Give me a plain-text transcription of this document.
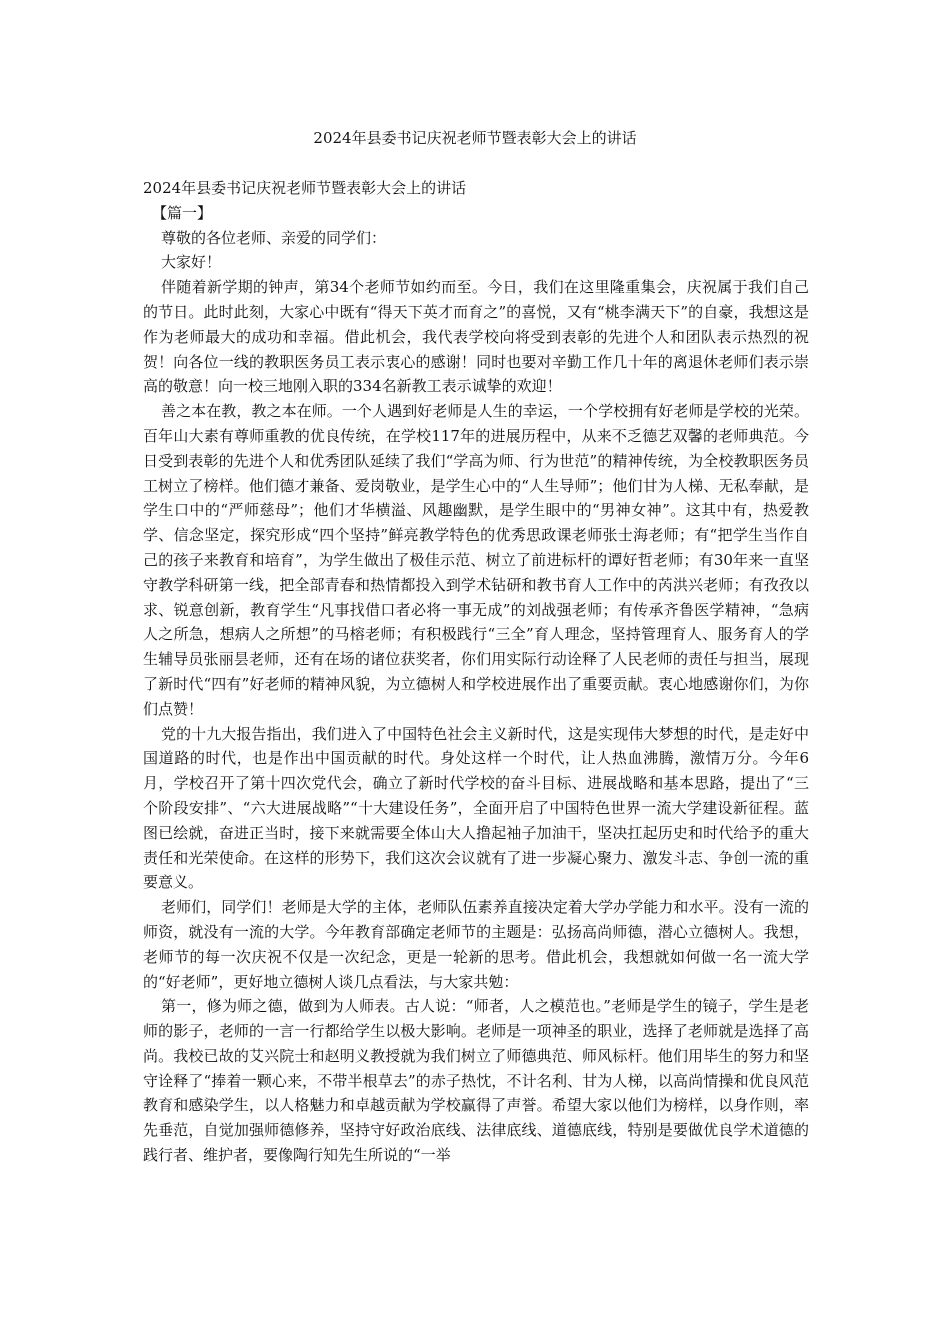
2024年县委书记庆祝老师节暨表彰大会上的讲话

2024年县委书记庆祝老师节暨表彰大会上的讲话

【篇一】

尊敬的各位老师、亲爱的同学们：

大家好！

伴随着新学期的钟声，第34个老师节如约而至。今日，我们在这里隆重集会，庆祝属于我们自己的节日。此时此刻，大家心中既有“得天下英才而育之”的喜悦，又有“桃李满天下”的自豪，我想这是作为老师最大的成功和幸福。借此机会，我代表学校向将受到表彰的先进个人和团队表示热烈的祝贺！向各位一线的教职医务员工表示衷心的感谢！同时也要对辛勤工作几十年的离退休老师们表示崇高的敬意！向一校三地刚入职的334名新教工表示诚挚的欢迎！

善之本在教，教之本在师。一个人遇到好老师是人生的幸运，一个学校拥有好老师是学校的光荣。百年山大素有尊师重教的优良传统，在学校117年的进展历程中，从来不乏德艺双馨的老师典范。今日受到表彰的先进个人和优秀团队延续了我们“学高为师、行为世范”的精神传统，为全校教职医务员工树立了榜样。他们德才兼备、爱岗敬业，是学生心中的“人生导师”；他们甘为人梯、无私奉献，是学生口中的“严师慈母”；他们才华横溢、风趣幽默，是学生眼中的“男神女神”。这其中有，热爱教学、信念坚定，探究形成“四个坚持”鲜亮教学特色的优秀思政课老师张士海老师；有“把学生当作自己的孩子来教育和培育”，为学生做出了极佳示范、树立了前进标杆的谭好哲老师；有30年来一直坚守教学科研第一线，把全部青春和热情都投入到学术钻研和教书育人工作中的芮洪兴老师；有孜孜以求、锐意创新，教育学生“凡事找借口者必将一事无成”的刘战强老师；有传承齐鲁医学精神，“急病人之所急，想病人之所想”的马榕老师；有积极践行“三全”育人理念，坚持管理育人、服务育人的学生辅导员张丽昙老师，还有在场的诸位获奖者，你们用实际行动诠释了人民老师的责任与担当，展现了新时代“四有”好老师的精神风貌，为立德树人和学校进展作出了重要贡献。衷心地感谢你们，为你们点赞！

党的十九大报告指出，我们进入了中国特色社会主义新时代，这是实现伟大梦想的时代，是走好中国道路的时代，也是作出中国贡献的时代。身处这样一个时代，让人热血沸腾，激情万分。今年6月，学校召开了第十四次党代会，确立了新时代学校的奋斗目标、进展战略和基本思路，提出了“三个阶段安排”、“六大进展战略”“十大建设任务”，全面开启了中国特色世界一流大学建设新征程。蓝图已绘就，奋进正当时，接下来就需要全体山大人撸起袖子加油干，坚决扛起历史和时代给予的重大责任和光荣使命。在这样的形势下，我们这次会议就有了进一步凝心聚力、激发斗志、争创一流的重要意义。

老师们，同学们！老师是大学的主体，老师队伍素养直接决定着大学办学能力和水平。没有一流的师资，就没有一流的大学。今年教育部确定老师节的主题是：弘扬高尚师德，潜心立德树人。我想，老师节的每一次庆祝不仅是一次纪念，更是一轮新的思考。借此机会，我想就如何做一名一流大学的“好老师”，更好地立德树人谈几点看法，与大家共勉：

第一，修为师之德，做到为人师表。古人说：“师者，人之模范也。”老师是学生的镜子，学生是老师的影子，老师的一言一行都给学生以极大影响。老师是一项神圣的职业，选择了老师就是选择了高尚。我校已故的艾兴院士和赵明义教授就为我们树立了师德典范、师风标杆。他们用毕生的努力和坚守诠释了“捧着一颗心来，不带半根草去”的赤子热忱，不计名利、甘为人梯，以高尚情操和优良风范教育和感染学生，以人格魅力和卓越贡献为学校赢得了声誉。希望大家以他们为榜样，以身作则，率先垂范，自觉加强师德修养，坚持守好政治底线、法律底线、道德底线，特别是要做优良学术道德的践行者、维护者，要像陶行知先生所说的“一举
